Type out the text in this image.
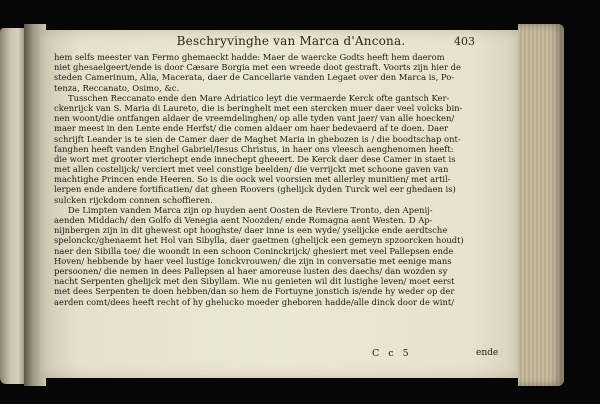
Beschryvinghe van Marca d'Ancona.	403
hem selfs meester van Fermo ghemaeckt hadde: Maer de waercke Godts heeft hem daerom
niet ghesaelgeert/ende is door Cæsare Borgia met een wreede doot gestraft. Voorts zijn hier de
steden Camerinum, Alia, Macerata, daer de Cancellarie vanden Legaet over den Marca is, Po-
tenza, Reccanato, Osimo, &c.
Tusschen Reccanato ende den Mare Adriatico leyt die vermaerde Kerck ofte gantsch Ker-
ckenrijck van S. Maria di Laureto, die is beringhelt met een stercken muer daer veel volcks bin-
nen woont/die ontfangen aldaer de vreemdelinghen/ op alle tyden vant jaer/ van alle hoecken/
maer meest in den Lente ende Herfst/ die comen aldaer om haer bedevaerd af te doen. Daer
schrijft Leander is te sien de Camer daer de Maghet Maria in ghebozen is / die boodtschap ont-
fanghen heeft vanden Enghel Gabriel/Iesus Christus, in haer ons vleesch aenghenomen heeft:
die wort met grooter vierichept ende innechept gheeert. De Kerck daer dese Camer in staet is
met allen costelijck/ verciert met veel constige beelden/ die verrijckt met schoone gaven van
machtighe Princen ende Heeren. So is die oock wel voorsien met allerley munitien/ met artil-
lerpen ende andere fortificatien/ dat gheen Roovers (ghelijck dyden Turck wel eer ghedaen is)
sulcken rijckdom connen schoffieren.
De Limpten vanden Marca zijn op huyden aent Oosten de Reviere Tronto, den Apenij-
aenden Middach/ den Golfo di Venegia aent Noozden/ ende Romagna aent Westen. D Ap-
nijnbergen zijn in dit ghewest opt hooghste/ daer inne is een wyde/ yselijcke ende aerdtsche
spelonckc/ghenaemt het Hol van Sibylla, daer gaetmen (ghelijck een gemeyn spzoorcken houdt)
naer den Sibilla toe/ die woondt in een schoon Coninckrijck/ ghesiert met veel Pallepsen ende
Hoven/ hebbende by haer veel lustige Ionckvrouwen/ die zijn in conversatie met eenige mans
persoonen/ die nemen in dees Pallepsen al haer amoreuse lusten des daechs/ dan wozden sy
nacht Serpenten ghelijck met den Sibyllam. Wie nu genieten wil dit lustighe leven/ moet eerst
met dees Serpenten te doen hebben/dan so hem de Fortuyne jonstich is/ende hy weder op der
aerden comt/dees heeft recht of hy ghelucko moeder gheboren hadde/alle dinck door de wint/
C c 5	ende
